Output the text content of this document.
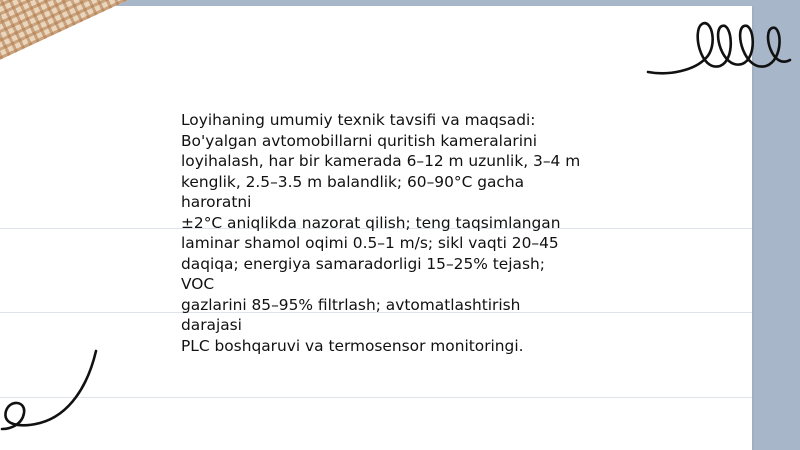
Loyihaning umumiy texnik tavsifi va maqsadi:
Bo'yalgan avtomobillarni quritish kameralarini
loyihalash, har bir kamerada 6–12 m uzunlik, 3–4 m
kenglik, 2.5–3.5 m balandlik; 60–90°C gacha haroratni
±2°C aniqlikda nazorat qilish; teng taqsimlangan
laminar shamol oqimi 0.5–1 m/s; sikl vaqti 20–45
daqiqa; energiya samaradorligi 15–25% tejash; VOC
gazlarini 85–95% filtrlash; avtomatlashtirish darajasi
PLC boshqaruvi va termosensor monitoringi.
